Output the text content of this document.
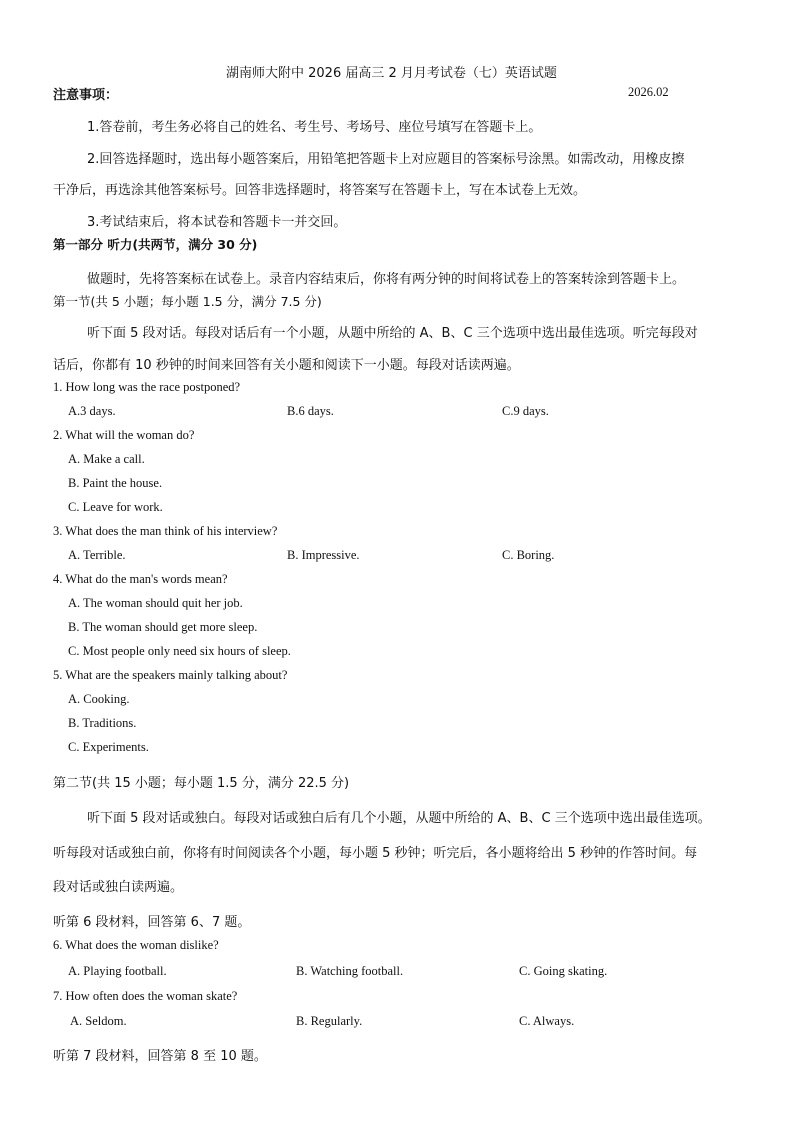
湖南师大附中 2026 届高三 2 月月考试卷（七）英语试题
注意事项：	2026.02
1.答卷前，考生务必将自己的姓名、考生号、考场号、座位号填写在答题卡上。
2.回答选择题时，选出每小题答案后，用铅笔把答题卡上对应题目的答案标号涂黑。如需改动，用橡皮擦
干净后，再选涂其他答案标号。回答非选择题时，将答案写在答题卡上，写在本试卷上无效。
3.考试结束后，将本试卷和答题卡一并交回。
第一部分 听力(共两节，满分 30 分)
做题时，先将答案标在试卷上。录音内容结束后，你将有两分钟的时间将试卷上的答案转涂到答题卡上。
第一节(共 5 小题；每小题 1.5 分，满分 7.5 分)
听下面 5 段对话。每段对话后有一个小题，从题中所给的 A、B、C 三个选项中选出最佳选项。听完每段对
话后，你都有 10 秒钟的时间来回答有关小题和阅读下一小题。每段对话读两遍。
1. How long was the race postponed?
A.3 days.	B.6 days.	C.9 days.
2. What will the woman do?
A. Make a call.
B. Paint the house.
C. Leave for work.
3. What does the man think of his interview?
A. Terrible.	B. Impressive.	C. Boring.
4. What do the man's words mean?
A. The woman should quit her job.
B. The woman should get more sleep.
C. Most people only need six hours of sleep.
5. What are the speakers mainly talking about?
A. Cooking.
B. Traditions.
C. Experiments.
第二节(共 15 小题；每小题 1.5 分，满分 22.5 分)
听下面 5 段对话或独白。每段对话或独白后有几个小题，从题中所给的 A、B、C 三个选项中选出最佳选项。
听每段对话或独白前，你将有时间阅读各个小题，每小题 5 秒钟；听完后，各小题将给出 5 秒钟的作答时间。每
段对话或独白读两遍。
听第 6 段材料，回答第 6、7 题。
6. What does the woman dislike?
A. Playing football.	B. Watching football.	C. Going skating.
7. How often does the woman skate?
A. Seldom.	B. Regularly.	C. Always.
听第 7 段材料，回答第 8 至 10 题。
